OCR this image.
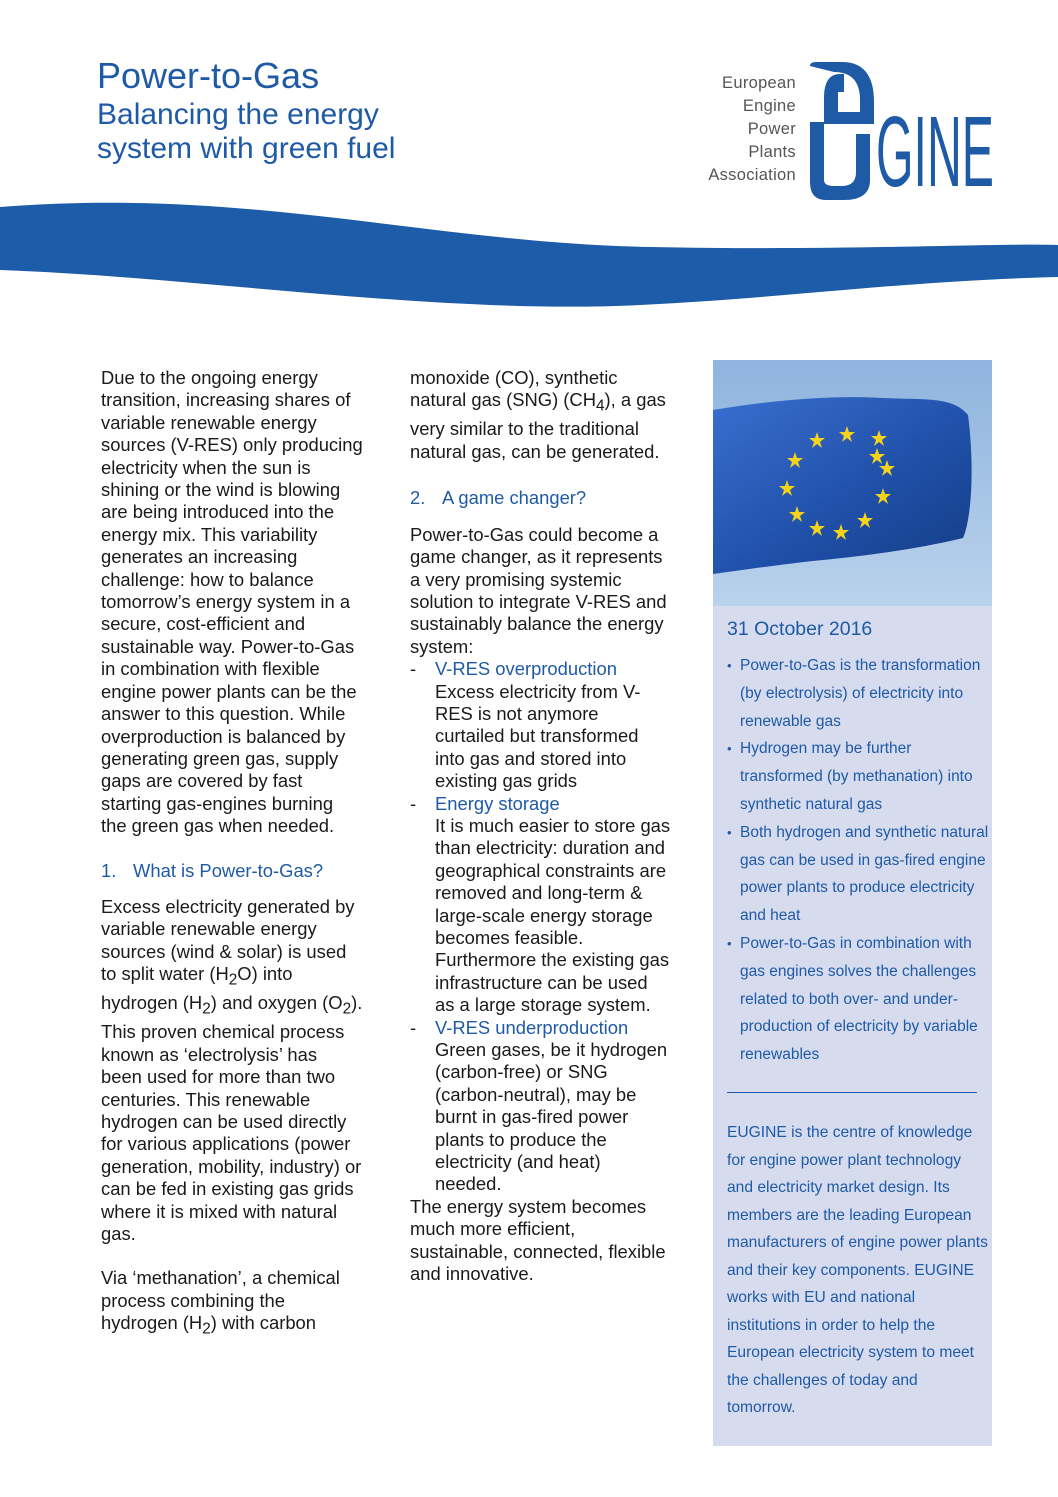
Power-to-Gas
Balancing the energy
system with green fuel
European
Engine
Power
Plants
Association GINE

Due to the ongoing energy transition, increasing shares of variable renewable energy sources (V-RES) only producing electricity when the sun is shining or the wind is blowing are being introduced into the energy mix. This variability generates an increasing challenge: how to balance tomorrow’s energy system in a secure, cost-efficient and sustainable way. Power-to-Gas in combination with flexible engine power plants can be the answer to this question. While overproduction is balanced by generating green gas, supply gaps are covered by fast starting gas-engines burning the green gas when needed.

1. What is Power-to-Gas?

Excess electricity generated by variable renewable energy sources (wind & solar) is used to split water $(H_2O)$ into hydrogen $(H_2)$ and oxygen $(O_2)$. This proven chemical process known as ‘electrolysis’ has been used for more than two centuries. This renewable hydrogen can be used directly for various applications (power generation, mobility, industry) or can be fed in existing gas grids where it is mixed with natural gas.

Via ‘methanation’, a chemical process combining the hydrogen $(H_2)$ with carbon

monoxide (CO), synthetic natural gas (SNG) $(CH_4)$, a gas very similar to the traditional natural gas, can be generated.

2. A game changer?

Power-to-Gas could become a game changer, as it represents a very promising systemic solution to integrate V-RES and sustainably balance the energy system:

- V-RES overproduction
Excess electricity from V-RES is not anymore curtailed but transformed into gas and stored into existing gas grids
- Energy storage
It is much easier to store gas than electricity: duration and geographical constraints are removed and long-term & large-scale energy storage becomes feasible. Furthermore the existing gas infrastructure can be used as a large storage system.
- V-RES underproduction
Green gases, be it hydrogen (carbon-free) or SNG (carbon-neutral), may be burnt in gas-fired power plants to produce the electricity (and heat) needed.

The energy system becomes much more efficient, sustainable, connected, flexible and innovative.

31 October 2016
• Power-to-Gas is the transformation (by electrolysis) of electricity into renewable gas
• Hydrogen may be further transformed (by methanation) into synthetic natural gas
• Both hydrogen and synthetic natural gas can be used in gas-fired engine power plants to produce electricity and heat
• Power-to-Gas in combination with gas engines solves the challenges related to both over- and under-production of electricity by variable renewables
EUGINE is the centre of knowledge for engine power plant technology and electricity market design. Its members are the leading European manufacturers of engine power plants and their key components. EUGINE works with EU and national institutions in order to help the European electricity system to meet the challenges of today and tomorrow.
